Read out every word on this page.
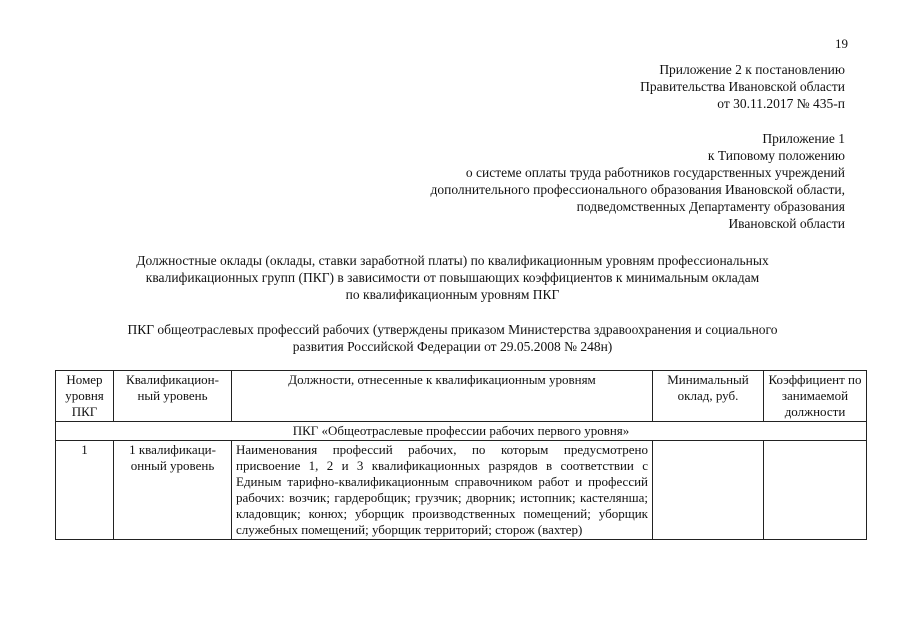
19
Приложение 2 к постановлению
Правительства Ивановской области
от 30.11.2017 № 435-п
Приложение 1
к Типовому положению
о системе оплаты труда работников государственных учреждений
дополнительного профессионального образования Ивановской области,
подведомственных Департаменту образования
Ивановской области
Должностные оклады (оклады, ставки заработной платы) по квалификационным уровням профессиональных
квалификационных групп (ПКГ) в зависимости от повышающих коэффициентов к минимальным окладам
по квалификационным уровням ПКГ
ПКГ общеотраслевых профессий рабочих (утверждены приказом Министерства здравоохранения и социального
развития Российской Федерации от 29.05.2008 № 248н)
Номер уровня ПКГ	Квалификацион-ный уровень	Должности, отнесенные к квалификационным уровням	Минимальный оклад, руб.	Коэффициент по занимаемой должности
ПКГ «Общеотраслевые профессии рабочих первого уровня»				
1	1 квалификаци-онный уровень	Наименования профессий рабочих, по которым предусмотрено присвоение 1, 2 и 3 квалификационных разрядов в соответствии с Единым тарифно-квалификационным справочником работ и профессий рабочих: возчик; гардеробщик; грузчик; дворник; истопник; кастелянша; кладовщик; конюх; уборщик производственных помещений; уборщик служебных помещений; уборщик территорий; сторож (вахтер)		
